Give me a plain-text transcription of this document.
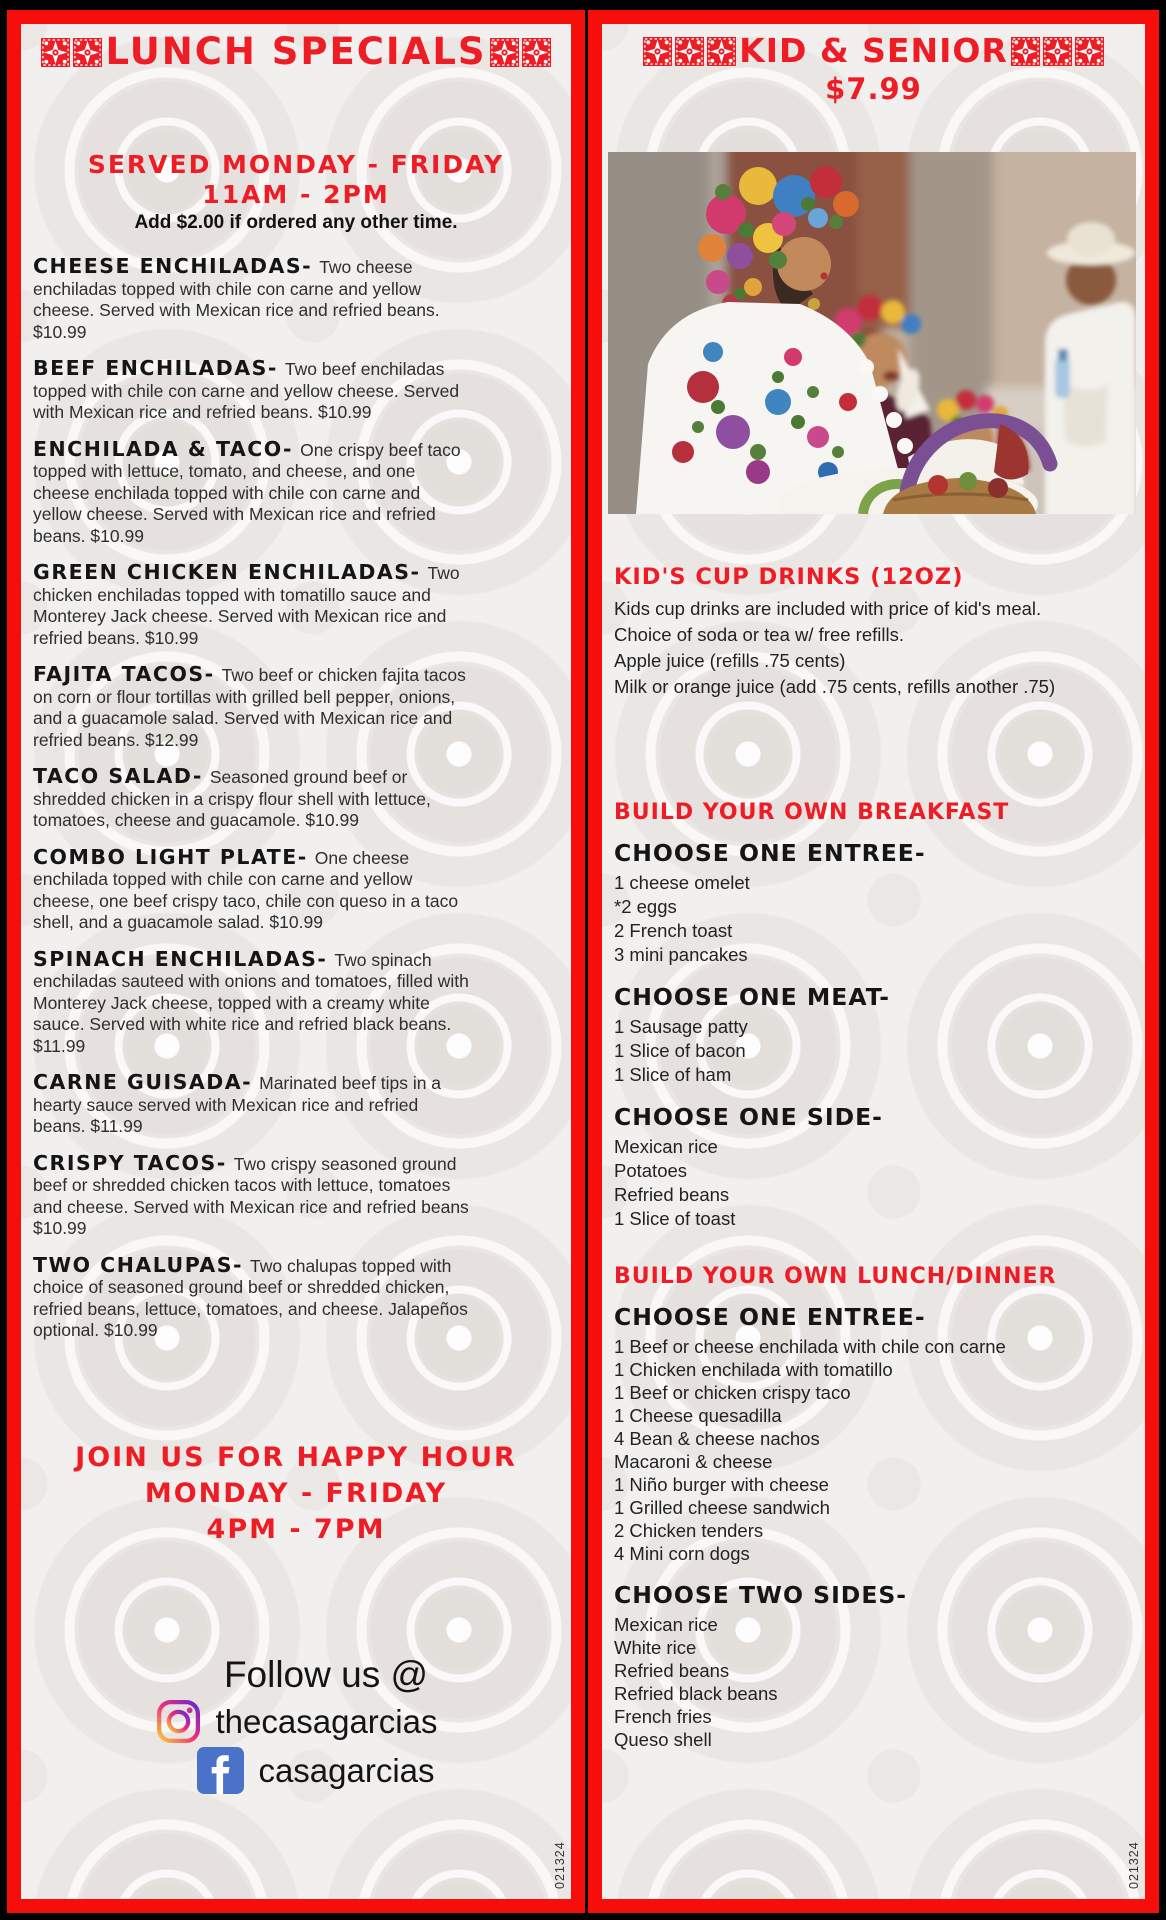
LUNCH SPECIALS
SERVED MONDAY - FRIDAY
11AM - 2PM
Add $2.00 if ordered any other time.

CHEESE ENCHILADAS- Two cheese enchiladas topped with chile con carne and yellow cheese. Served with Mexican rice and refried beans. $10.99

BEEF ENCHILADAS- Two beef enchiladas topped with chile con carne and yellow cheese. Served with Mexican rice and refried beans. $10.99

ENCHILADA & TACO- One crispy beef taco topped with lettuce, tomato, and cheese, and one cheese enchilada topped with chile con carne and yellow cheese. Served with Mexican rice and refried beans. $10.99

GREEN CHICKEN ENCHILADAS- Two chicken enchiladas topped with tomatillo sauce and Monterey Jack cheese. Served with Mexican rice and refried beans. $10.99

FAJITA TACOS- Two beef or chicken fajita tacos on corn or flour tortillas with grilled bell pepper, onions, and a guacamole salad. Served with Mexican rice and refried beans. $12.99

TACO SALAD- Seasoned ground beef or shredded chicken in a crispy flour shell with lettuce, tomatoes, cheese and guacamole. $10.99

COMBO LIGHT PLATE- One cheese enchilada topped with chile con carne and yellow cheese, one beef crispy taco, chile con queso in a taco shell, and a guacamole salad. $10.99

SPINACH ENCHILADAS- Two spinach enchiladas sauteed with onions and tomatoes, filled with Monterey Jack cheese, topped with a creamy white sauce. Served with white rice and refried black beans. $11.99

CARNE GUISADA- Marinated beef tips in a hearty sauce served with Mexican rice and refried beans. $11.99

CRISPY TACOS- Two crispy seasoned ground beef or shredded chicken tacos with lettuce, tomatoes and cheese. Served with Mexican rice and refried beans $10.99

TWO CHALUPAS- Two chalupas topped with choice of seasoned ground beef or shredded chicken, refried beans, lettuce, tomatoes, and cheese. Jalapeños optional. $10.99

JOIN US FOR HAPPY HOUR
MONDAY - FRIDAY
4PM - 7PM
Follow us @
thecasagarcias
casagarcias
021324
KID & SENIOR
$7.99
KID'S CUP DRINKS (12OZ)

Kids cup drinks are included with price of kid's meal.

Choice of soda or tea w/ free refills.

Apple juice (refills .75 cents)

Milk or orange juice (add .75 cents, refills another .75)

BUILD YOUR OWN BREAKFAST
CHOOSE ONE ENTREE-

1 cheese omelet

*2 eggs

2 French toast

3 mini pancakes

CHOOSE ONE MEAT-

1 Sausage patty

1 Slice of bacon

1 Slice of ham

CHOOSE ONE SIDE-

Mexican rice

Potatoes

Refried beans

1 Slice of toast

BUILD YOUR OWN LUNCH/DINNER
CHOOSE ONE ENTREE-

1 Beef or cheese enchilada with chile con carne

1 Chicken enchilada with tomatillo

1 Beef or chicken crispy taco

1 Cheese quesadilla

4 Bean & cheese nachos

Macaroni & cheese

1 Niño burger with cheese

1 Grilled cheese sandwich

2 Chicken tenders

4 Mini corn dogs

CHOOSE TWO SIDES-

Mexican rice

White rice

Refried beans

Refried black beans

French fries

Queso shell

021324
